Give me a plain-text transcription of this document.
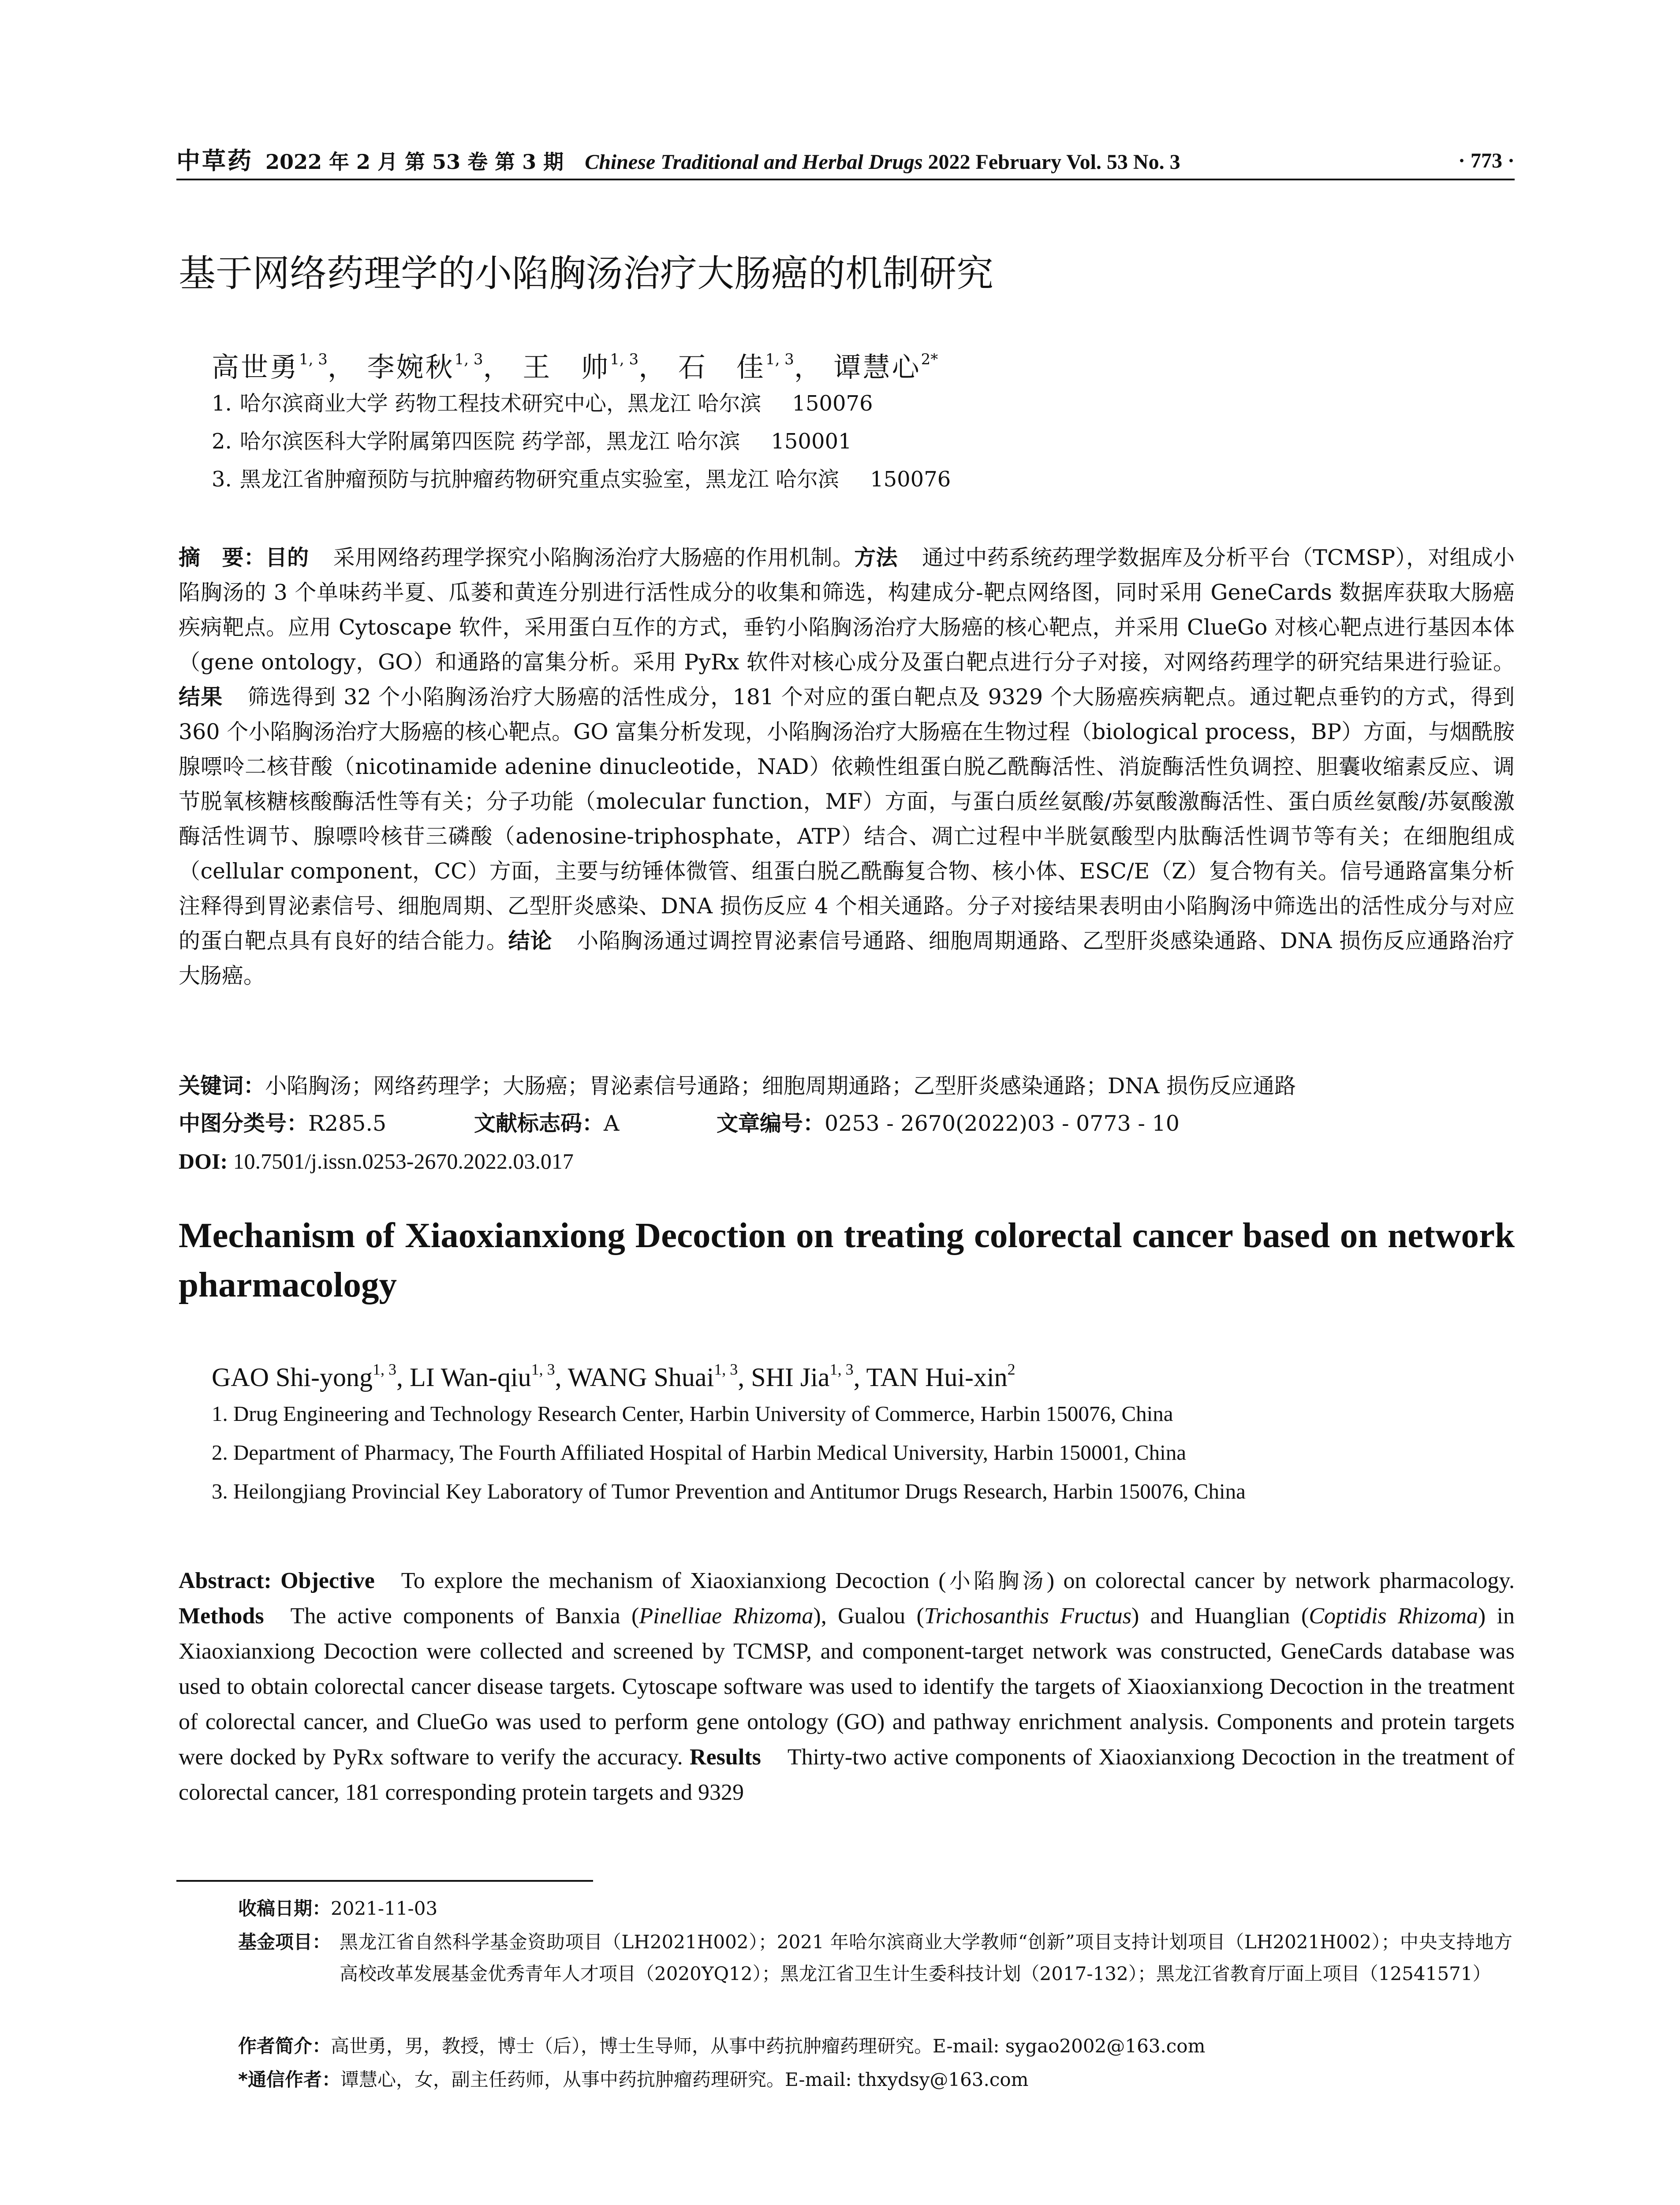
中草药 2022 年 2 月 第 53 卷 第 3 期 Chinese Traditional and Herbal Drugs 2022 February Vol. 53 No. 3	· 773 ·
基于网络药理学的小陷胸汤治疗大肠癌的机制研究
高世勇$^{1, 3}$， 李婉秋$^{1, 3}$， 王　帅$^{1, 3}$， 石　佳$^{1, 3}$， 谭慧心$^{2*}$
1. 哈尔滨商业大学 药物工程技术研究中心，黑龙江 哈尔滨 150076
2. 哈尔滨医科大学附属第四医院 药学部，黑龙江 哈尔滨 150001
3. 黑龙江省肿瘤预防与抗肿瘤药物研究重点实验室，黑龙江 哈尔滨 150076
摘　要：目的 采用网络药理学探究小陷胸汤治疗大肠癌的作用机制。方法 通过中药系统药理学数据库及分析平台（TCMSP），对组成小陷胸汤的 3 个单味药半夏、瓜蒌和黄连分别进行活性成分的收集和筛选，构建成分-靶点网络图，同时采用 GeneCards 数据库获取大肠癌疾病靶点。应用 Cytoscape 软件，采用蛋白互作的方式，垂钓小陷胸汤治疗大肠癌的核心靶点，并采用 ClueGo 对核心靶点进行基因本体（gene ontology，GO）和通路的富集分析。采用 PyRx 软件对核心成分及蛋白靶点进行分子对接，对网络药理学的研究结果进行验证。结果 筛选得到 32 个小陷胸汤治疗大肠癌的活性成分，181 个对应的蛋白靶点及 9329 个大肠癌疾病靶点。通过靶点垂钓的方式，得到 360 个小陷胸汤治疗大肠癌的核心靶点。GO 富集分析发现，小陷胸汤治疗大肠癌在生物过程（biological process，BP）方面，与烟酰胺腺嘌呤二核苷酸（nicotinamide adenine dinucleotide，NAD）依赖性组蛋白脱乙酰酶活性、消旋酶活性负调控、胆囊收缩素反应、调节脱氧核糖核酸酶活性等有关；分子功能（molecular function，MF）方面，与蛋白质丝氨酸/苏氨酸激酶活性、蛋白质丝氨酸/苏氨酸激酶活性调节、腺嘌呤核苷三磷酸（adenosine-triphosphate，ATP）结合、凋亡过程中半胱氨酸型内肽酶活性调节等有关；在细胞组成（cellular component，CC）方面，主要与纺锤体微管、组蛋白脱乙酰酶复合物、核小体、ESC/E（Z）复合物有关。信号通路富集分析注释得到胃泌素信号、细胞周期、乙型肝炎感染、DNA 损伤反应 4 个相关通路。分子对接结果表明由小陷胸汤中筛选出的活性成分与对应的蛋白靶点具有良好的结合能力。结论 小陷胸汤通过调控胃泌素信号通路、细胞周期通路、乙型肝炎感染通路、DNA 损伤反应通路治疗大肠癌。
关键词：小陷胸汤；网络药理学；大肠癌；胃泌素信号通路；细胞周期通路；乙型肝炎感染通路；DNA 损伤反应通路
中图分类号：R285.5	文献标志码：A	文章编号：0253 - 2670(2022)03 - 0773 - 10
DOI: 10.7501/j.issn.0253-2670.2022.03.017
Mechanism of Xiaoxianxiong Decoction on treating colorectal cancer based on network pharmacology
GAO Shi-yong$^{1, 3}$, LI Wan-qiu$^{1, 3}$, WANG Shuai$^{1, 3}$, SHI Jia$^{1, 3}$, TAN Hui-xin$^2$
1. Drug Engineering and Technology Research Center, Harbin University of Commerce, Harbin 150076, China
2. Department of Pharmacy, The Fourth Affiliated Hospital of Harbin Medical University, Harbin 150001, China
3. Heilongjiang Provincial Key Laboratory of Tumor Prevention and Antitumor Drugs Research, Harbin 150076, China
Abstract: Objective To explore the mechanism of Xiaoxianxiong Decoction (小陷胸汤) on colorectal cancer by network pharmacology. Methods The active components of Banxia (Pinelliae Rhizoma), Gualou (Trichosanthis Fructus) and Huanglian (Coptidis Rhizoma) in Xiaoxianxiong Decoction were collected and screened by TCMSP, and component-target network was constructed, GeneCards database was used to obtain colorectal cancer disease targets. Cytoscape software was used to identify the targets of Xiaoxianxiong Decoction in the treatment of colorectal cancer, and ClueGo was used to perform gene ontology (GO) and pathway enrichment analysis. Components and protein targets were docked by PyRx software to verify the accuracy. Results Thirty-two active components of Xiaoxianxiong Decoction in the treatment of colorectal cancer, 181 corresponding protein targets and 9329
收稿日期：2021-11-03
基金项目： 黑龙江省自然科学基金资助项目（LH2021H002）；2021 年哈尔滨商业大学教师“创新”项目支持计划项目（LH2021H002）；中央支持地方高校改革发展基金优秀青年人才项目（2020YQ12）；黑龙江省卫生计生委科技计划（2017-132）；黑龙江省教育厅面上项目（12541571）
作者简介：高世勇，男，教授，博士（后），博士生导师，从事中药抗肿瘤药理研究。E-mail: sygao2002@163.com
*通信作者：谭慧心，女，副主任药师，从事中药抗肿瘤药理研究。E-mail: thxydsy@163.com
